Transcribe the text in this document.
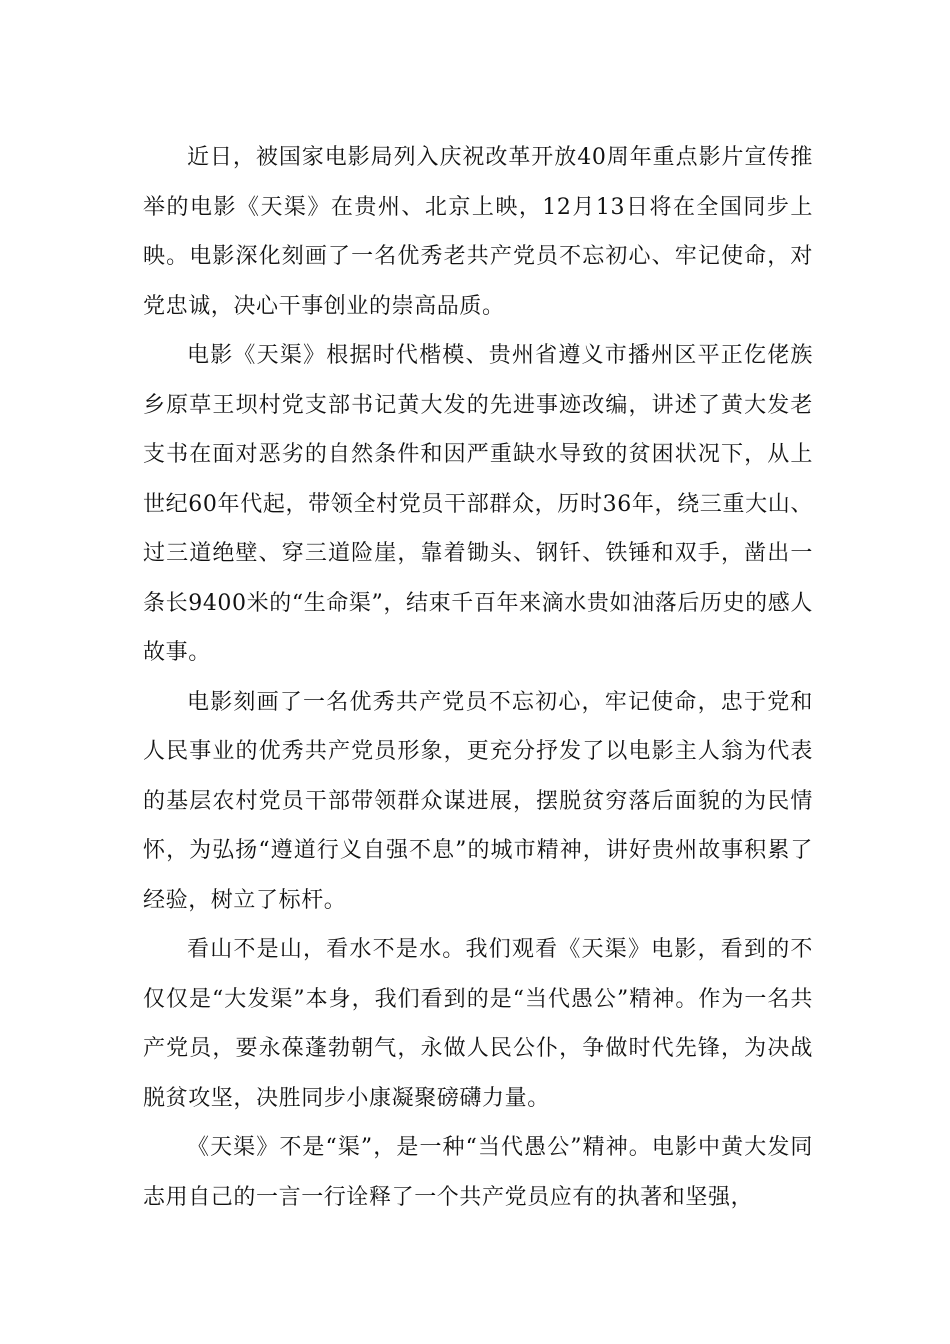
近日，被国家电影局列入庆祝改革开放40周年重点影片宣传推举的电影《天渠》在贵州、北京上映，12月13日将在全国同步上映。电影深化刻画了一名优秀老共产党员不忘初心、牢记使命，对党忠诚，决心干事创业的崇高品质。

电影《天渠》根据时代楷模、贵州省遵义市播州区平正仡佬族乡原草王坝村党支部书记黄大发的先进事迹改编，讲述了黄大发老支书在面对恶劣的自然条件和因严重缺水导致的贫困状况下，从上世纪60年代起，带领全村党员干部群众，历时36年，绕三重大山、过三道绝壁、穿三道险崖，靠着锄头、钢钎、铁锤和双手，凿出一条长9400米的“生命渠”，结束千百年来滴水贵如油落后历史的感人故事。

电影刻画了一名优秀共产党员不忘初心，牢记使命，忠于党和人民事业的优秀共产党员形象，更充分抒发了以电影主人翁为代表的基层农村党员干部带领群众谋进展，摆脱贫穷落后面貌的为民情怀，为弘扬“遵道行义自强不息”的城市精神，讲好贵州故事积累了经验，树立了标杆。

看山不是山，看水不是水。我们观看《天渠》电影，看到的不仅仅是“大发渠”本身，我们看到的是“当代愚公”精神。作为一名共产党员，要永葆蓬勃朝气，永做人民公仆，争做时代先锋，为决战脱贫攻坚，决胜同步小康凝聚磅礴力量。

《天渠》不是“渠”，是一种“当代愚公”精神。电影中黄大发同志用自己的一言一行诠释了一个共产党员应有的执著和坚强，
